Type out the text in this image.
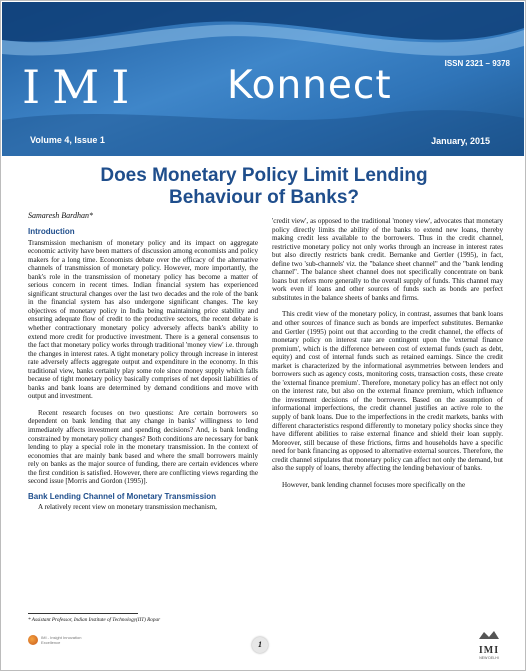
ISSN 2321 – 9378
IMI Konnect
Volume 4, Issue 1	January, 2015
Does Monetary Policy Limit Lending
Behaviour of Banks?
Samaresh Bardhan*
Introduction

Transmission mechanism of monetary policy and its impact on aggregate economic activity have been matters of discussion among economists and policy makers for a long time. Economists debate over the efficacy of the alternative channels of transmission of monetary policy. However, more importantly, the bank's role in the transmission of monetary policy has become a matter of serious concern in recent times. Indian financial system has experienced significant structural changes over the last two decades and the role of the bank in the financial system has also undergone significant changes. The key objectives of monetary policy in India being maintaining price stability and ensuring adequate flow of credit to the productive sectors, the recent debate is whether contractionary monetary policy adversely affects bank's ability to extend more credit for productive investment. There is a general consensus to the fact that monetary policy works through traditional 'money view' i.e. through the changes in interest rates. A tight monetary policy through increase in interest rate adversely affects aggregate output and expenditure in the economy. In this traditional view, banks certainly play some role since money supply which falls because of tight monetary policy basically comprises of net deposit liabilities of banks and bank loans are determined by demand conditions and move with output and investment.

Recent research focuses on two questions: Are certain borrowers so dependent on bank lending that any change in banks' willingness to lend immediately affects investment and spending decisions? And, is bank lending constrained by monetary policy changes? Both conditions are necessary for bank lending to play a special role in the monetary transmission. In the context of economies that are mainly bank based and where the small borrowers mainly rely on banks as the major source of funding, there are certain evidences where the first condition is satisfied. However, there are conflicting views regarding the second issue [Morris and Gordon (1995)].

Bank Lending Channel of Monetary Transmission

A relatively recent view on monetary transmission mechanism,

'credit view', as opposed to the traditional 'money view', advocates that monetary policy directly limits the ability of the banks to extend new loans, thereby making credit less available to the borrowers. Thus in the credit channel, restrictive monetary policy not only works through an increase in interest rates but also directly restricts bank credit. Bernanke and Gertler (1995), in fact, define two 'sub-channels' viz. the "balance sheet channel" and the "bank lending channel". The balance sheet channel does not specifically concentrate on bank loans but refers more generally to the overall supply of funds. This channel may work even if loans and other sources of funds such as bonds are perfect substitutes in the balance sheets of banks and firms.

This credit view of the monetary policy, in contrast, assumes that bank loans and other sources of finance such as bonds are imperfect substitutes. Bernanke and Gertler (1995) point out that according to the credit channel, the effects of monetary policy on interest rate are contingent upon the 'external finance premium', which is the difference between cost of external funds (such as debt, equity) and cost of internal funds such as retained earnings. Since the credit market is characterized by the informational asymmetries between lenders and borrowers such as agency costs, monitoring costs, transaction costs, these create the 'external finance premium'. Therefore, monetary policy has an effect not only on the interest rate, but also on the external finance premium, which influence the investment decisions of the borrowers. Based on the assumption of informational imperfections, the credit channel justifies an active role to the supply of bank loans. Due to the imperfections in the credit markets, banks with different characteristics respond differently to monetary policy shocks since they have different abilities to raise external finance and shield their loan supply. Moreover, still because of these frictions, firms and households have a specific need for bank financing as opposed to alternative external sources. Therefore, the credit channel stipulates that monetary policy can affect not only the demand, but also the supply of loans, thereby affecting the lending behaviour of banks.

However, bank lending channel focuses more specifically on the

* Assistant Professor, Indian Institute of Technology(IIT) Ropar
IMI - Insight Innovation
Excellence	1
IMI
NEW DELHI
